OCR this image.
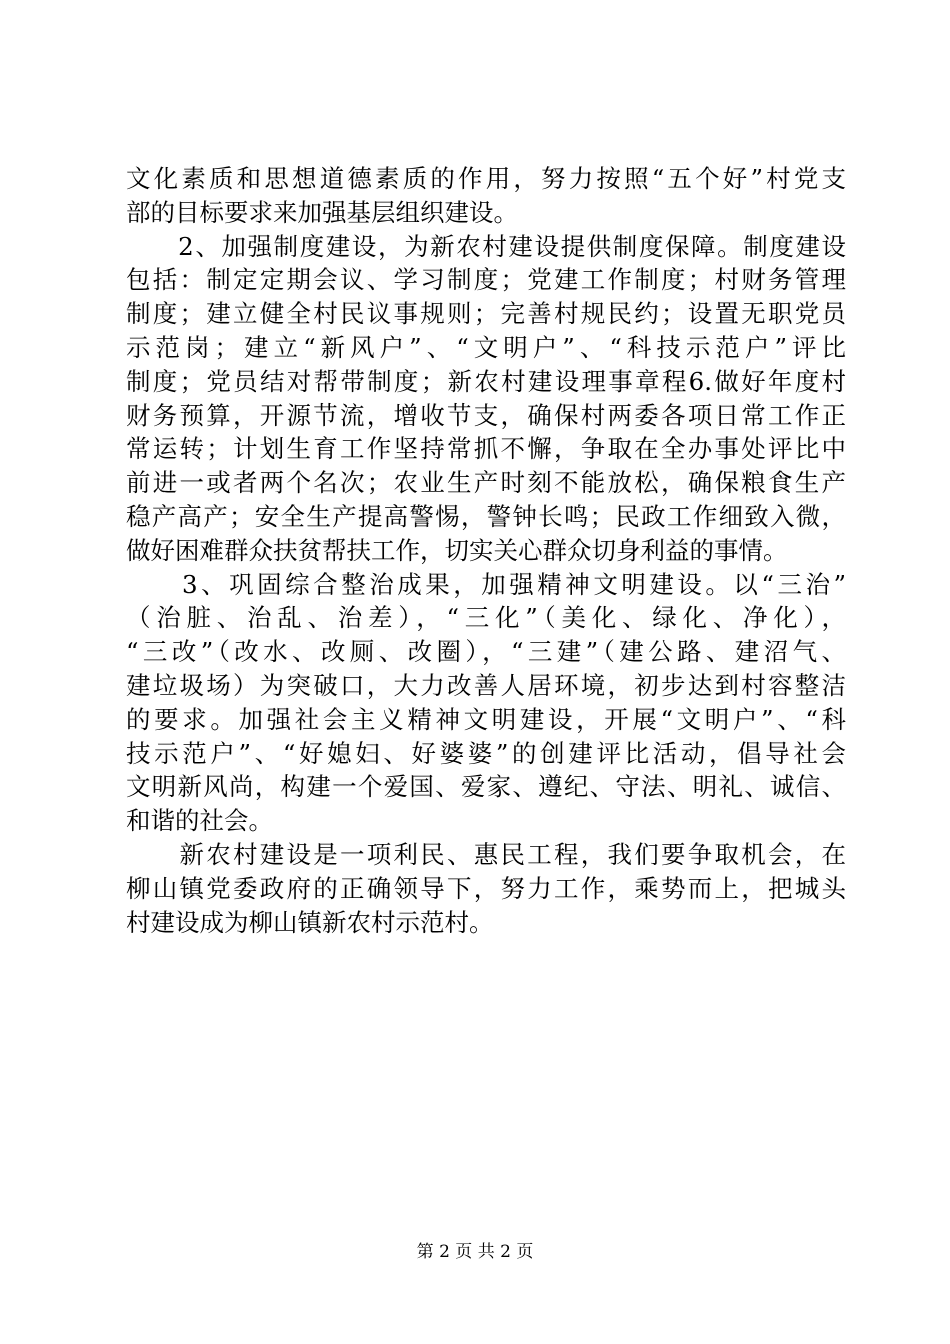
文化素质和思想道德素质的作用，努力按照“五个好”村党支
部的目标要求来加强基层组织建设。
　　2、加强制度建设，为新农村建设提供制度保障。制度建设
包括：制定定期会议、学习制度；党建工作制度；村财务管理
制度；建立健全村民议事规则；完善村规民约；设置无职党员
示范岗；建立“新风户”、“文明户”、“科技示范户”评比
制度；党员结对帮带制度；新农村建设理事章程6.做好年度村
财务预算，开源节流，增收节支，确保村两委各项日常工作正
常运转；计划生育工作坚持常抓不懈，争取在全办事处评比中
前进一或者两个名次；农业生产时刻不能放松，确保粮食生产
稳产高产；安全生产提高警惕，警钟长鸣；民政工作细致入微，
做好困难群众扶贫帮扶工作，切实关心群众切身利益的事情。
　　3、巩固综合整治成果，加强精神文明建设。以“三治”
（治脏、治乱、治差），“三化”（美化、绿化、净化），
“三改”（改水、改厕、改圈），“三建”（建公路、建沼气、
建垃圾场）为突破口，大力改善人居环境，初步达到村容整洁
的要求。加强社会主义精神文明建设，开展“文明户”、“科
技示范户”、“好媳妇、好婆婆”的创建评比活动，倡导社会
文明新风尚，构建一个爱国、爱家、遵纪、守法、明礼、诚信、
和谐的社会。
　　新农村建设是一项利民、惠民工程，我们要争取机会，在
柳山镇党委政府的正确领导下，努力工作，乘势而上，把城头
村建设成为柳山镇新农村示范村。
第 2 页 共 2 页
